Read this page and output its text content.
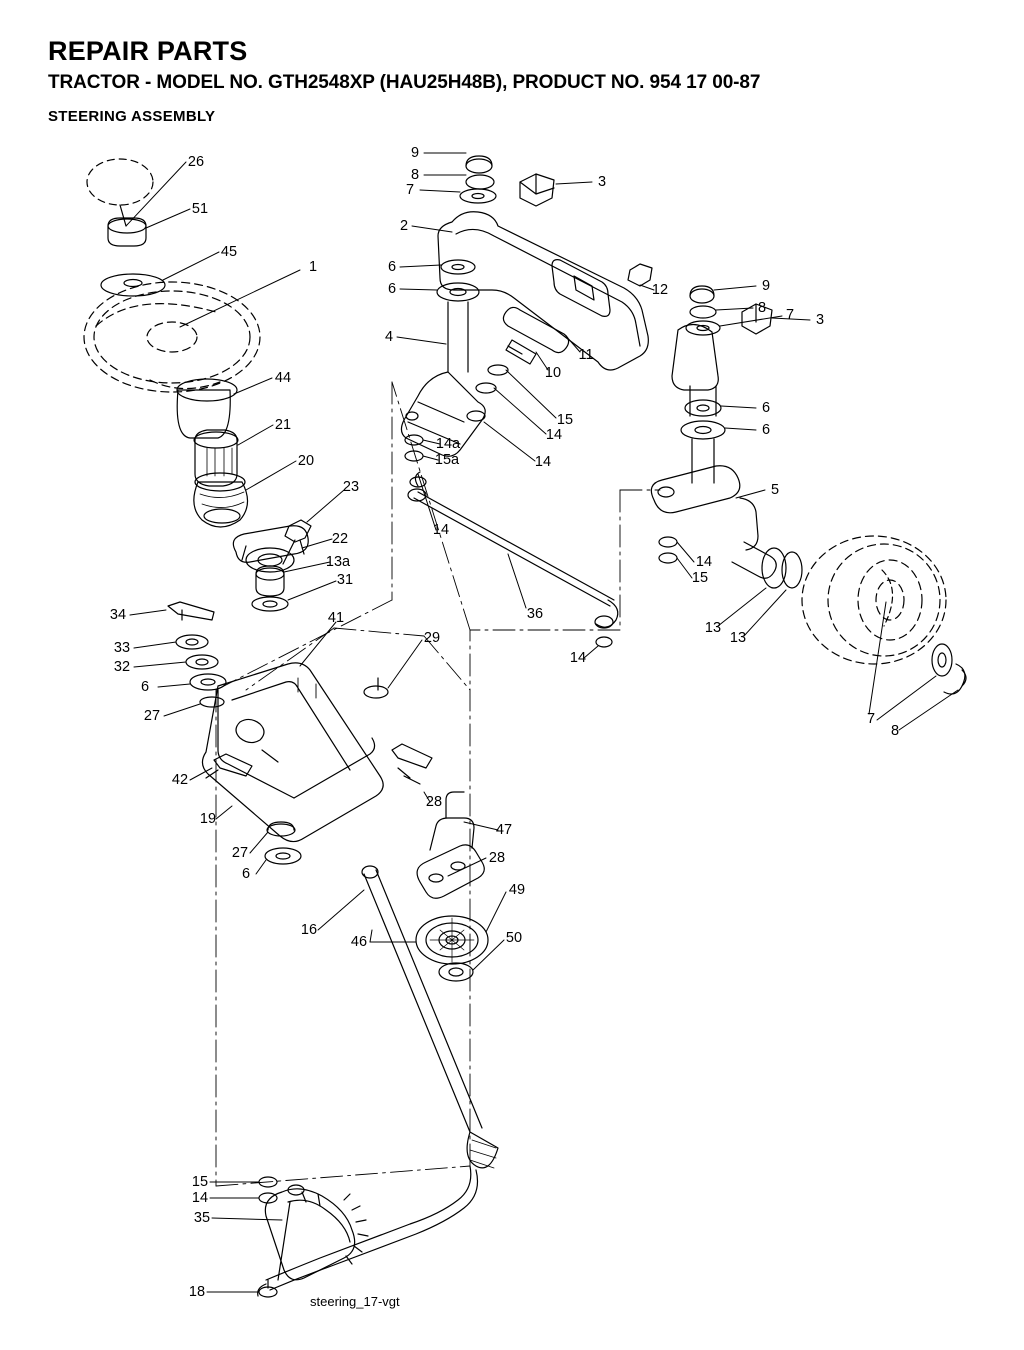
REPAIR PARTS
TRACTOR - MODEL NO. GTH2548XP (HAU25H48B), PRODUCT NO. 954 17 00-87
STEERING ASSEMBLY
steering_17-vgt
26
51
45
1
9
8
7	3
2
6
6	12	9
8 7 3
4
11
10
15
14
6
6
14a
15a	14
44
21
20
23
22
13a
31
5
14
36
14
14
15
13
13
7
8
34
33
32
6
27
41
29
42
19
28
27
6
47
28
49
16
46	50
15
14
35
18
